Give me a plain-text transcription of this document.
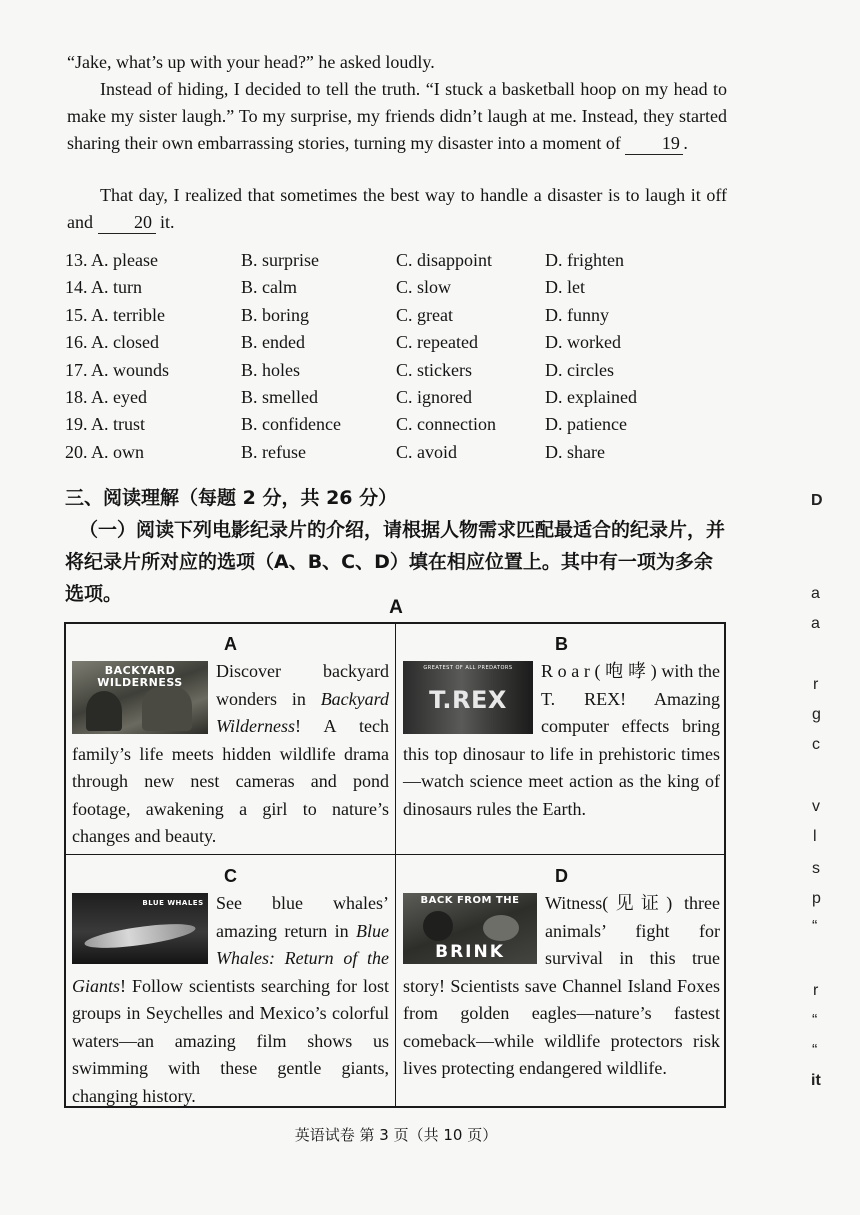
“Jake, what’s up with your head?” he asked loudly.

Instead of hiding, I decided to tell the truth. “I stuck a basketball hoop on my head to make my sister laugh.” To my surprise, my friends didn’t laugh at me. Instead, they started sharing their own embarrassing stories, turning my disaster into a moment of 19 .

That day, I realized that sometimes the best way to handle a disaster is to laugh it off and 20 it.

13. A. please	B. surprise	C. disappoint	D. frighten
14. A. turn	B. calm	C. slow	D. let
15. A. terrible	B. boring	C. great	D. funny
16. A. closed	B. ended	C. repeated	D. worked
17. A. wounds	B. holes	C. stickers	D. circles
18. A. eyed	B. smelled	C. ignored	D. explained
19. A. trust	B. confidence	C. connection	D. patience
20. A. own	B. refuse	C. avoid	D. share

三、阅读理解（每题 2 分，共 26 分）

（一）阅读下列电影纪录片的介绍，请根据人物需求匹配最适合的纪录片，并将纪录片所对应的选项（A、B、C、D）填在相应位置上。其中有一项为多余选项。

A
A
BACKYARD WILDERNESS

Discover backyard wonders in Backyard Wilderness! A tech family’s life meets hidden wildlife drama through new nest cameras and pond footage, awakening a girl to nature’s changes and beauty.

B
GREATEST OF ALL PREDATORS
T.REX

R o a r ( 咆 哮 ) with the T. REX! Amazing computer effects bring this top dinosaur to life in prehistoric times—watch science meet action as the king of dinosaurs rules the Earth.

C
BLUE WHALES See blue whales’ amazing return in Blue Whales: Return of the Giants! Follow scientists searching for lost groups in Seychelles and Mexico’s colorful waters—an amazing film shows us swimming with these gentle giants, changing history.

D
BACK FROM THE
BRINK

Witness(见证) three animals’ fight for survival in this true story! Scientists save Channel Island Foxes from golden eagles—nature’s fastest comeback—while wildlife protectors risk lives protecting endangered wildlife.

英语试卷 第 3 页（共 10 页）
a
a
r
g
c
v
l
s
p
“
r
“
“
it
D
